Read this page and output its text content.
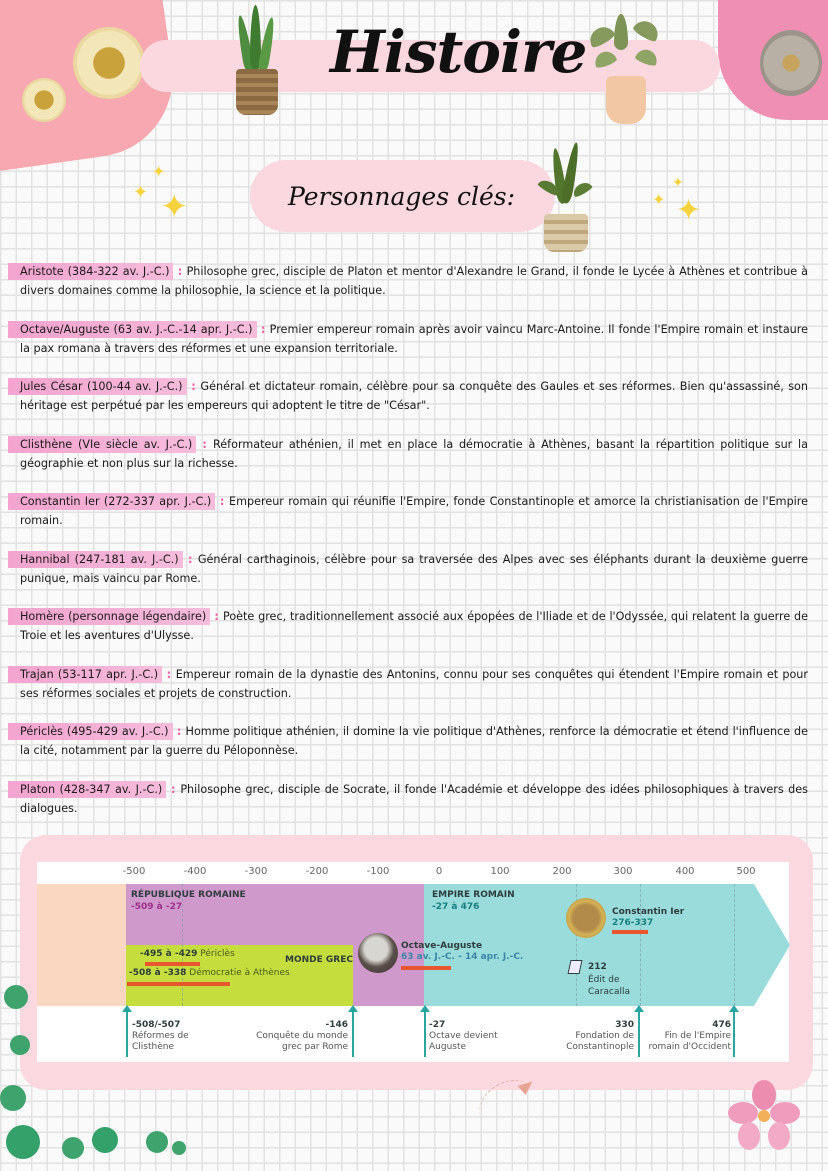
Histoire
Personnages clés:
✦
✦ ✦
✦
✦ ✦

Aristote (384-322 av. J.-C.) : Philosophe grec, disciple de Platon et mentor d'Alexandre le Grand, il fonde le Lycée à Athènes et contribue à divers domaines comme la philosophie, la science et la politique.

Octave/Auguste (63 av. J.-C.-14 apr. J.-C.) : Premier empereur romain après avoir vaincu Marc-Antoine. Il fonde l'Empire romain et instaure la pax romana à travers des réformes et une expansion territoriale.

Jules César (100-44 av. J.-C.) : Général et dictateur romain, célèbre pour sa conquête des Gaules et ses réformes. Bien qu'assassiné, son héritage est perpétué par les empereurs qui adoptent le titre de "César".

Clisthène (VIe siècle av. J.-C.) : Réformateur athénien, il met en place la démocratie à Athènes, basant la répartition politique sur la géographie et non plus sur la richesse.

Constantin Ier (272-337 apr. J.-C.) : Empereur romain qui réunifie l'Empire, fonde Constantinople et amorce la christianisation de l'Empire romain.

Hannibal (247-181 av. J.-C.) : Général carthaginois, célèbre pour sa traversée des Alpes avec ses éléphants durant la deuxième guerre punique, mais vaincu par Rome.

Homère (personnage légendaire) : Poète grec, traditionnellement associé aux épopées de l'Iliade et de l'Odyssée, qui relatent la guerre de Troie et les aventures d'Ulysse.

Trajan (53-117 apr. J.-C.) : Empereur romain de la dynastie des Antonins, connu pour ses conquêtes qui étendent l'Empire romain et pour ses réformes sociales et projets de construction.

Périclès (495-429 av. J.-C.) : Homme politique athénien, il domine la vie politique d'Athènes, renforce la démocratie et étend l'influence de la cité, notamment par la guerre du Péloponnèse.

Platon (428-347 av. J.-C.) : Philosophe grec, disciple de Socrate, il fonde l'Académie et développe des idées philosophiques à travers des dialogues.

-500	-400	-300	-200	-100	0	100	200	300	400	500
RÉPUBLIQUE ROMAINE
-509 à -27
EMPIRE ROMAIN
-27 à 476
MONDE GREC
-495 à -429 Périclès
-508 à -338 Démocratie à Athènes
Octave-Auguste
63 av. J.-C. - 14 apr. J.-C.
Constantin Ier
276-337
212
Édit de
Caracalla
-508/-507
Réformes de
Clisthène
-146
Conquête du monde
grec par Rome
-27
Octave devient
Auguste
330
Fondation de
Constantinople
476
Fin de l'Empire
romain d'Occident
